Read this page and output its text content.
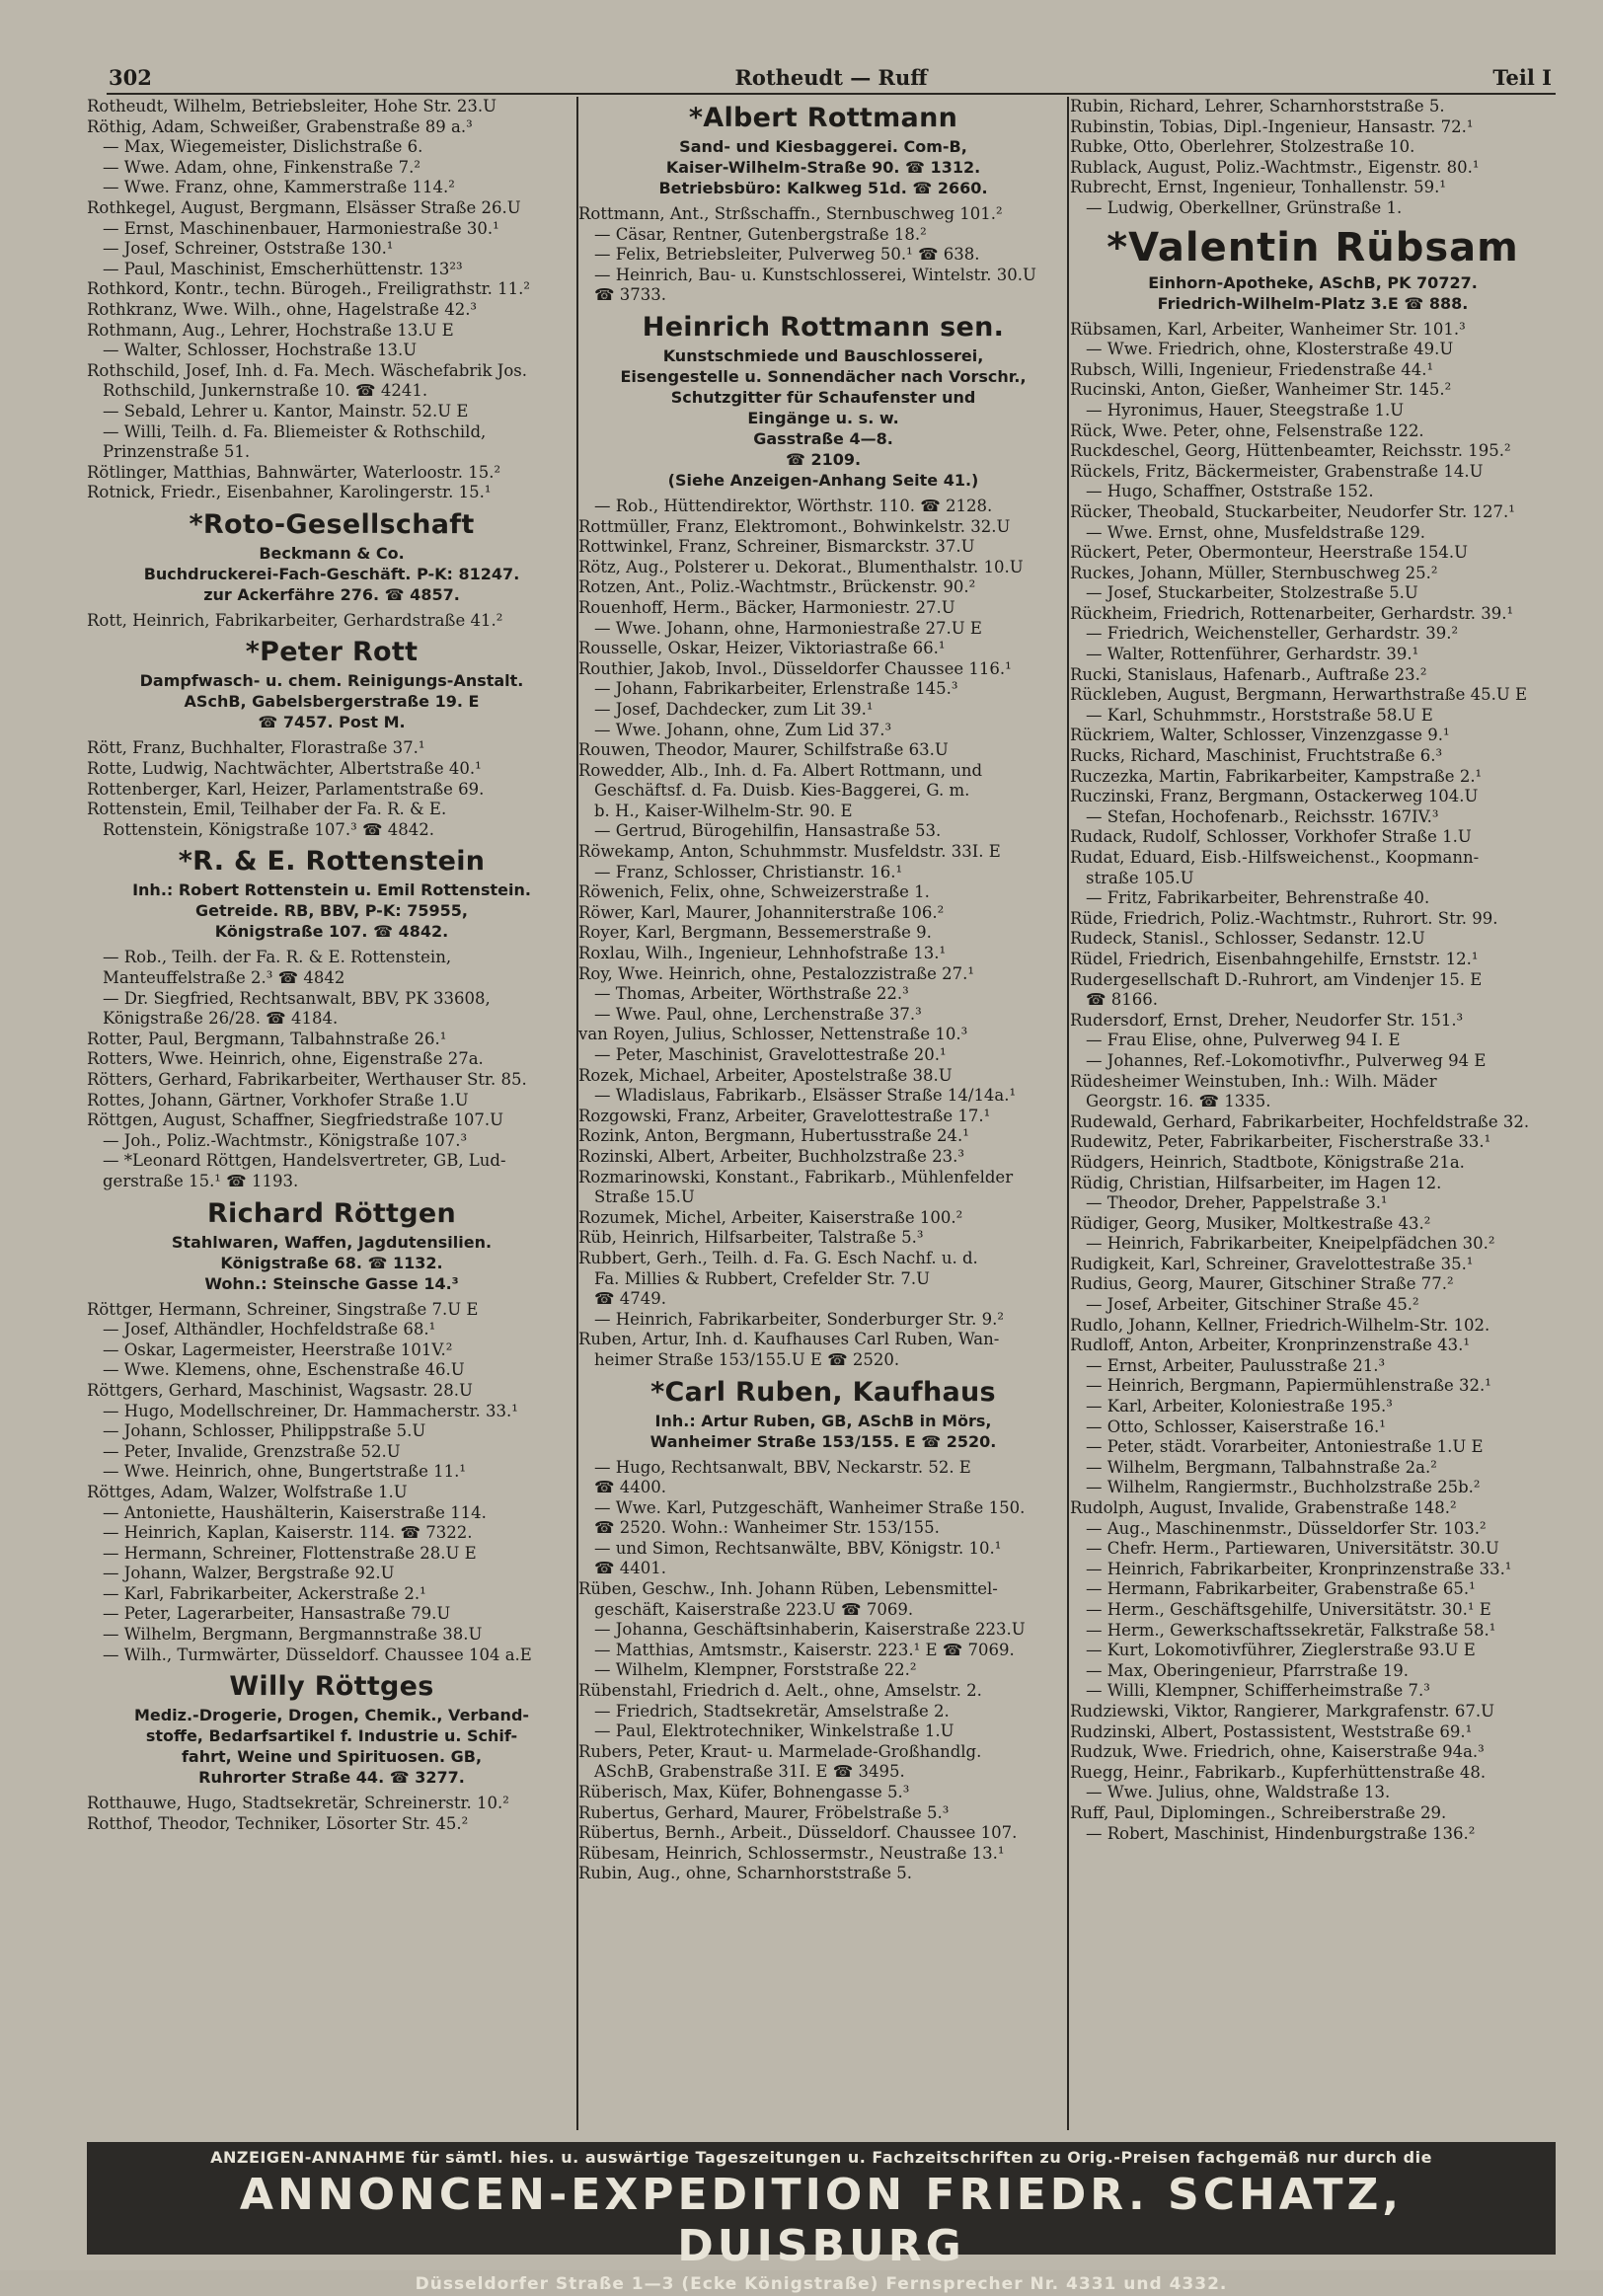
302	Rotheudt — Ruff	Teil I
Rotheudt, Wilhelm, Betriebsleiter, Hohe Str. 23.U
Röthig, Adam, Schweißer, Grabenstraße 89 a.³
— Max, Wiegemeister, Dislichstraße 6.
— Wwe. Adam, ohne, Finkenstraße 7.²
— Wwe. Franz, ohne, Kammerstraße 114.²
Rothkegel, August, Bergmann, Elsässer Straße 26.U
— Ernst, Maschinenbauer, Harmoniestraße 30.¹
— Josef, Schreiner, Oststraße 130.¹
— Paul, Maschinist, Emscherhüttenstr. 13²³
Rothkord, Kontr., techn. Bürogeh., Freiligrathstr. 11.²
Rothkranz, Wwe. Wilh., ohne, Hagelstraße 42.³
Rothmann, Aug., Lehrer, Hochstraße 13.U E
— Walter, Schlosser, Hochstraße 13.U
Rothschild, Josef, Inh. d. Fa. Mech. Wäschefabrik Jos.
Rothschild, Junkernstraße 10. ☎ 4241.
— Sebald, Lehrer u. Kantor, Mainstr. 52.U E
— Willi, Teilh. d. Fa. Bliemeister & Rothschild,
Prinzenstraße 51.
Rötlinger, Matthias, Bahnwärter, Waterloostr. 15.²
Rotnick, Friedr., Eisenbahner, Karolingerstr. 15.¹
*Roto-Gesellschaft
Beckmann & Co.
Buchdruckerei-Fach-Geschäft. P-K: 81247.
zur Ackerfähre 276. ☎ 4857.
Rott, Heinrich, Fabrikarbeiter, Gerhardstraße 41.²
*Peter Rott
Dampfwasch- u. chem. Reinigungs-Anstalt.
ASchB, Gabelsbergerstraße 19. E
☎ 7457. Post M.
Rött, Franz, Buchhalter, Florastraße 37.¹
Rotte, Ludwig, Nachtwächter, Albertstraße 40.¹
Rottenberger, Karl, Heizer, Parlamentstraße 69.
Rottenstein, Emil, Teilhaber der Fa. R. & E.
Rottenstein, Königstraße 107.³ ☎ 4842.
*R. & E. Rottenstein
Inh.: Robert Rottenstein u. Emil Rottenstein.
Getreide. RB, BBV, P-K: 75955,
Königstraße 107. ☎ 4842.
— Rob., Teilh. der Fa. R. & E. Rottenstein,
Manteuffelstraße 2.³ ☎ 4842
— Dr. Siegfried, Rechtsanwalt, BBV, PK 33608,
Königstraße 26/28. ☎ 4184.
Rotter, Paul, Bergmann, Talbahnstraße 26.¹
Rotters, Wwe. Heinrich, ohne, Eigenstraße 27a.
Rötters, Gerhard, Fabrikarbeiter, Werthauser Str. 85.
Rottes, Johann, Gärtner, Vorkhofer Straße 1.U
Röttgen, August, Schaffner, Siegfriedstraße 107.U
— Joh., Poliz.-Wachtmstr., Königstraße 107.³
— *Leonard Röttgen, Handelsvertreter, GB, Lud-
gerstraße 15.¹ ☎ 1193.
Richard Röttgen
Stahlwaren, Waffen, Jagdutensilien.
Königstraße 68. ☎ 1132.
Wohn.: Steinsche Gasse 14.³
Röttger, Hermann, Schreiner, Singstraße 7.U E
— Josef, Althändler, Hochfeldstraße 68.¹
— Oskar, Lagermeister, Heerstraße 101V.²
— Wwe. Klemens, ohne, Eschenstraße 46.U
Röttgers, Gerhard, Maschinist, Wagsastr. 28.U
— Hugo, Modellschreiner, Dr. Hammacherstr. 33.¹
— Johann, Schlosser, Philippstraße 5.U
— Peter, Invalide, Grenzstraße 52.U
— Wwe. Heinrich, ohne, Bungertstraße 11.¹
Röttges, Adam, Walzer, Wolfstraße 1.U
— Antoniette, Haushälterin, Kaiserstraße 114.
— Heinrich, Kaplan, Kaiserstr. 114. ☎ 7322.
— Hermann, Schreiner, Flottenstraße 28.U E
— Johann, Walzer, Bergstraße 92.U
— Karl, Fabrikarbeiter, Ackerstraße 2.¹
— Peter, Lagerarbeiter, Hansastraße 79.U
— Wilhelm, Bergmann, Bergmannstraße 38.U
— Wilh., Turmwärter, Düsseldorf. Chaussee 104 a.E
Willy Röttges
Mediz.-Drogerie, Drogen, Chemik., Verband-
stoffe, Bedarfsartikel f. Industrie u. Schif-
fahrt, Weine und Spirituosen. GB,
Ruhrorter Straße 44. ☎ 3277.
Rotthauwe, Hugo, Stadtsekretär, Schreinerstr. 10.²
Rotthof, Theodor, Techniker, Lösorter Str. 45.²
*Albert Rottmann
Sand- und Kiesbaggerei. Com-B,
Kaiser-Wilhelm-Straße 90. ☎ 1312.
Betriebsbüro: Kalkweg 51d. ☎ 2660.
Rottmann, Ant., Strßschaffn., Sternbuschweg 101.²
— Cäsar, Rentner, Gutenbergstraße 18.²
— Felix, Betriebsleiter, Pulverweg 50.¹ ☎ 638.
— Heinrich, Bau- u. Kunstschlosserei, Wintelstr. 30.U
☎ 3733.
Heinrich Rottmann sen.
Kunstschmiede und Bauschlosserei,
Eisengestelle u. Sonnendächer nach Vorschr.,
Schutzgitter für Schaufenster und
Eingänge u. s. w.
Gasstraße 4—8.
☎ 2109.
(Siehe Anzeigen-Anhang Seite 41.)
— Rob., Hüttendirektor, Wörthstr. 110. ☎ 2128.
Rottmüller, Franz, Elektromont., Bohwinkelstr. 32.U
Rottwinkel, Franz, Schreiner, Bismarckstr. 37.U
Rötz, Aug., Polsterer u. Dekorat., Blumenthalstr. 10.U
Rotzen, Ant., Poliz.-Wachtmstr., Brückenstr. 90.²
Rouenhoff, Herm., Bäcker, Harmoniestr. 27.U
— Wwe. Johann, ohne, Harmoniestraße 27.U E
Rousselle, Oskar, Heizer, Viktoriastraße 66.¹
Routhier, Jakob, Invol., Düsseldorfer Chaussee 116.¹
— Johann, Fabrikarbeiter, Erlenstraße 145.³
— Josef, Dachdecker, zum Lit 39.¹
— Wwe. Johann, ohne, Zum Lid 37.³
Rouwen, Theodor, Maurer, Schilfstraße 63.U
Rowedder, Alb., Inh. d. Fa. Albert Rottmann, und
Geschäftsf. d. Fa. Duisb. Kies-Baggerei, G. m.
b. H., Kaiser-Wilhelm-Str. 90. E
— Gertrud, Bürogehilfin, Hansastraße 53.
Röwekamp, Anton, Schuhmmstr. Musfeldstr. 33I. E
— Franz, Schlosser, Christianstr. 16.¹
Röwenich, Felix, ohne, Schweizerstraße 1.
Röwer, Karl, Maurer, Johanniterstraße 106.²
Royer, Karl, Bergmann, Bessemerstraße 9.
Roxlau, Wilh., Ingenieur, Lehnhofstraße 13.¹
Roy, Wwe. Heinrich, ohne, Pestalozzistraße 27.¹
— Thomas, Arbeiter, Wörthstraße 22.³
— Wwe. Paul, ohne, Lerchenstraße 37.³
van Royen, Julius, Schlosser, Nettenstraße 10.³
— Peter, Maschinist, Gravelottestraße 20.¹
Rozek, Michael, Arbeiter, Apostelstraße 38.U
— Wladislaus, Fabrikarb., Elsässer Straße 14/14a.¹
Rozgowski, Franz, Arbeiter, Gravelottestraße 17.¹
Rozink, Anton, Bergmann, Hubertusstraße 24.¹
Rozinski, Albert, Arbeiter, Buchholzstraße 23.³
Rozmarinowski, Konstant., Fabrikarb., Mühlenfelder
Straße 15.U
Rozumek, Michel, Arbeiter, Kaiserstraße 100.²
Rüb, Heinrich, Hilfsarbeiter, Talstraße 5.³
Rubbert, Gerh., Teilh. d. Fa. G. Esch Nachf. u. d.
Fa. Millies & Rubbert, Crefelder Str. 7.U
☎ 4749.
— Heinrich, Fabrikarbeiter, Sonderburger Str. 9.²
Ruben, Artur, Inh. d. Kaufhauses Carl Ruben, Wan-
heimer Straße 153/155.U E ☎ 2520.
*Carl Ruben, Kaufhaus
Inh.: Artur Ruben, GB, ASchB in Mörs,
Wanheimer Straße 153/155. E ☎ 2520.
— Hugo, Rechtsanwalt, BBV, Neckarstr. 52. E
☎ 4400.
— Wwe. Karl, Putzgeschäft, Wanheimer Straße 150.
☎ 2520. Wohn.: Wanheimer Str. 153/155.
— und Simon, Rechtsanwälte, BBV, Königstr. 10.¹
☎ 4401.
Rüben, Geschw., Inh. Johann Rüben, Lebensmittel-
geschäft, Kaiserstraße 223.U ☎ 7069.
— Johanna, Geschäftsinhaberin, Kaiserstraße 223.U
— Matthias, Amtsmstr., Kaiserstr. 223.¹ E ☎ 7069.
— Wilhelm, Klempner, Forststraße 22.²
Rübenstahl, Friedrich d. Aelt., ohne, Amselstr. 2.
— Friedrich, Stadtsekretär, Amselstraße 2.
— Paul, Elektrotechniker, Winkelstraße 1.U
Rubers, Peter, Kraut- u. Marmelade-Großhandlg.
ASchB, Grabenstraße 31I. E ☎ 3495.
Rüberisch, Max, Küfer, Bohnengasse 5.³
Rubertus, Gerhard, Maurer, Fröbelstraße 5.³
Rübertus, Bernh., Arbeit., Düsseldorf. Chaussee 107.
Rübesam, Heinrich, Schlossermstr., Neustraße 13.¹
Rubin, Aug., ohne, Scharnhorststraße 5.
Rubin, Richard, Lehrer, Scharnhorststraße 5.
Rubinstin, Tobias, Dipl.-Ingenieur, Hansastr. 72.¹
Rubke, Otto, Oberlehrer, Stolzestraße 10.
Rublack, August, Poliz.-Wachtmstr., Eigenstr. 80.¹
Rubrecht, Ernst, Ingenieur, Tonhallenstr. 59.¹
— Ludwig, Oberkellner, Grünstraße 1.
*Valentin Rübsam
Einhorn-Apotheke, ASchB, PK 70727.
Friedrich-Wilhelm-Platz 3.E ☎ 888.
Rübsamen, Karl, Arbeiter, Wanheimer Str. 101.³
— Wwe. Friedrich, ohne, Klosterstraße 49.U
Rubsch, Willi, Ingenieur, Friedenstraße 44.¹
Rucinski, Anton, Gießer, Wanheimer Str. 145.²
— Hyronimus, Hauer, Steegstraße 1.U
Rück, Wwe. Peter, ohne, Felsenstraße 122.
Ruckdeschel, Georg, Hüttenbeamter, Reichsstr. 195.²
Rückels, Fritz, Bäckermeister, Grabenstraße 14.U
— Hugo, Schaffner, Oststraße 152.
Rücker, Theobald, Stuckarbeiter, Neudorfer Str. 127.¹
— Wwe. Ernst, ohne, Musfeldstraße 129.
Rückert, Peter, Obermonteur, Heerstraße 154.U
Ruckes, Johann, Müller, Sternbuschweg 25.²
— Josef, Stuckarbeiter, Stolzestraße 5.U
Rückheim, Friedrich, Rottenarbeiter, Gerhardstr. 39.¹
— Friedrich, Weichensteller, Gerhardstr. 39.²
— Walter, Rottenführer, Gerhardstr. 39.¹
Rucki, Stanislaus, Hafenarb., Auftraße 23.²
Rückleben, August, Bergmann, Herwarthstraße 45.U E
— Karl, Schuhmmstr., Horststraße 58.U E
Rückriem, Walter, Schlosser, Vinzenzgasse 9.¹
Rucks, Richard, Maschinist, Fruchtstraße 6.³
Ruczezka, Martin, Fabrikarbeiter, Kampstraße 2.¹
Ruczinski, Franz, Bergmann, Ostackerweg 104.U
— Stefan, Hochofenarb., Reichsstr. 167IV.³
Rudack, Rudolf, Schlosser, Vorkhofer Straße 1.U
Rudat, Eduard, Eisb.-Hilfsweichenst., Koopmann-
straße 105.U
— Fritz, Fabrikarbeiter, Behrenstraße 40.
Rüde, Friedrich, Poliz.-Wachtmstr., Ruhrort. Str. 99.
Rudeck, Stanisl., Schlosser, Sedanstr. 12.U
Rüdel, Friedrich, Eisenbahngehilfe, Ernststr. 12.¹
Rudergesellschaft D.-Ruhrort, am Vindenjer 15. E
☎ 8166.
Rudersdorf, Ernst, Dreher, Neudorfer Str. 151.³
— Frau Elise, ohne, Pulverweg 94 I. E
— Johannes, Ref.-Lokomotivfhr., Pulverweg 94 E
Rüdesheimer Weinstuben, Inh.: Wilh. Mäder
Georgstr. 16. ☎ 1335.
Rudewald, Gerhard, Fabrikarbeiter, Hochfeldstraße 32.
Rudewitz, Peter, Fabrikarbeiter, Fischerstraße 33.¹
Rüdgers, Heinrich, Stadtbote, Königstraße 21a.
Rüdig, Christian, Hilfsarbeiter, im Hagen 12.
— Theodor, Dreher, Pappelstraße 3.¹
Rüdiger, Georg, Musiker, Moltkestraße 43.²
— Heinrich, Fabrikarbeiter, Kneipelpfädchen 30.²
Rudigkeit, Karl, Schreiner, Gravelottestraße 35.¹
Rudius, Georg, Maurer, Gitschiner Straße 77.²
— Josef, Arbeiter, Gitschiner Straße 45.²
Rudlo, Johann, Kellner, Friedrich-Wilhelm-Str. 102.
Rudloff, Anton, Arbeiter, Kronprinzenstraße 43.¹
— Ernst, Arbeiter, Paulusstraße 21.³
— Heinrich, Bergmann, Papiermühlenstraße 32.¹
— Karl, Arbeiter, Koloniestraße 195.³
— Otto, Schlosser, Kaiserstraße 16.¹
— Peter, städt. Vorarbeiter, Antoniestraße 1.U E
— Wilhelm, Bergmann, Talbahnstraße 2a.²
— Wilhelm, Rangiermstr., Buchholzstraße 25b.²
Rudolph, August, Invalide, Grabenstraße 148.²
— Aug., Maschinenmstr., Düsseldorfer Str. 103.²
— Chefr. Herm., Partiewaren, Universitätstr. 30.U
— Heinrich, Fabrikarbeiter, Kronprinzenstraße 33.¹
— Hermann, Fabrikarbeiter, Grabenstraße 65.¹
— Herm., Geschäftsgehilfe, Universitätstr. 30.¹ E
— Herm., Gewerkschaftssekretär, Falkstraße 58.¹
— Kurt, Lokomotivführer, Zieglerstraße 93.U E
— Max, Oberingenieur, Pfarrstraße 19.
— Willi, Klempner, Schifferheimstraße 7.³
Rudziewski, Viktor, Rangierer, Markgrafenstr. 67.U
Rudzinski, Albert, Postassistent, Weststraße 69.¹
Rudzuk, Wwe. Friedrich, ohne, Kaiserstraße 94a.³
Ruegg, Heinr., Fabrikarb., Kupferhüttenstraße 48.
— Wwe. Julius, ohne, Waldstraße 13.
Ruff, Paul, Diplomingen., Schreiberstraße 29.
— Robert, Maschinist, Hindenburgstraße 136.²
ANZEIGEN-ANNAHME für sämtl. hies. u. auswärtige Tageszeitungen u. Fachzeitschriften zu Orig.-Preisen fachgemäß nur durch die
ANNONCEN-EXPEDITION FRIEDR. SCHATZ, DUISBURG
Düsseldorfer Straße 1—3 (Ecke Königstraße) Fernsprecher Nr. 4331 und 4332.
